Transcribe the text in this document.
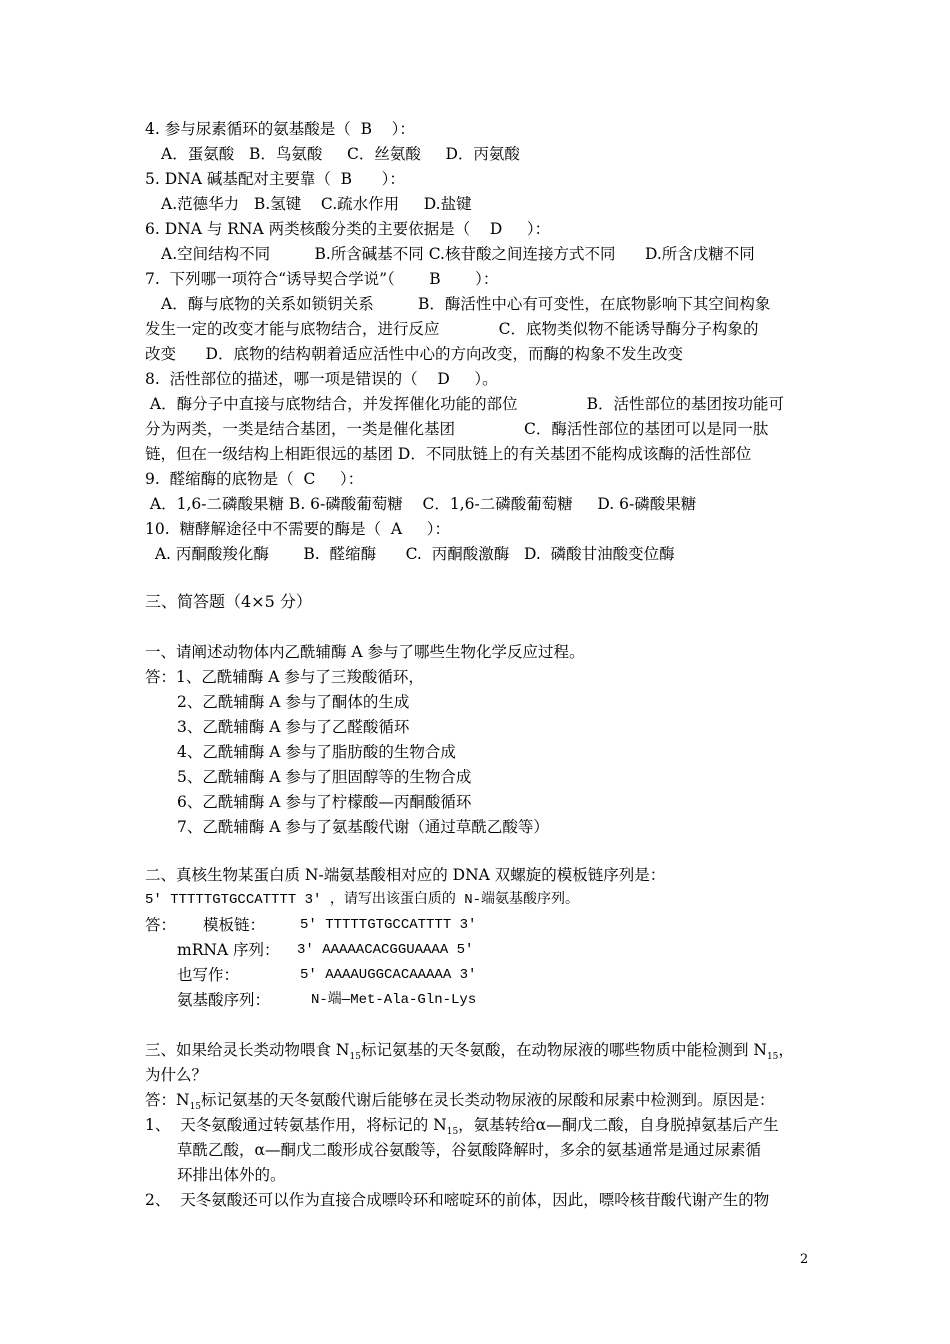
4. 参与尿素循环的氨基酸是（  B    ）：
A．蛋氨酸   B．鸟氨酸     C．丝氨酸     D．丙氨酸
5. DNA 碱基配对主要靠（  B      ）：
A.范德华力   B.氢键    C.疏水作用     D.盐键
6. DNA 与 RNA 两类核酸分类的主要依据是（    D     ）：
A.空间结构不同         B.所含碱基不同 C.核苷酸之间连接方式不同      D.所含戊糖不同
7.  下列哪一项符合“诱导契合学说”（       B       ）：
A．酶与底物的关系如锁钥关系         B．酶活性中心有可变性，在底物影响下其空间构象
发生一定的改变才能与底物结合，进行反应            C．底物类似物不能诱导酶分子构象的
改变      D．底物的结构朝着适应活性中心的方向改变，而酶的构象不发生改变
8.  活性部位的描述，哪一项是错误的（    D     ）。
A．酶分子中直接与底物结合，并发挥催化功能的部位              B．活性部位的基团按功能可
分为两类，一类是结合基团，一类是催化基团              C．酶活性部位的基团可以是同一肽
链，但在一级结构上相距很远的基团 D．不同肽链上的有关基团不能构成该酶的活性部位
9.  醛缩酶的底物是（  C     ）：
A．1,6-二磷酸果糖 B. 6-磷酸葡萄糖    C．1,6-二磷酸葡萄糖     D. 6-磷酸果糖
10.  糖酵解途径中不需要的酶是（  A     ）：
A. 丙酮酸羧化酶       B.  醛缩酶      C.  丙酮酸激酶   D.  磷酸甘油酸变位酶
三、简答题（4×5 分）
一、请阐述动物体内乙酰辅酶 A 参与了哪些生物化学反应过程。
答：1、乙酰辅酶 A 参与了三羧酸循环，
2、乙酰辅酶 A 参与了酮体的生成
3、乙酰辅酶 A 参与了乙醛酸循环
4、乙酰辅酶 A 参与了脂肪酸的生物合成
5、乙酰辅酶 A 参与了胆固醇等的生物合成
6、乙酰辅酶 A 参与了柠檬酸—丙酮酸循环
7、乙酰辅酶 A 参与了氨基酸代谢（通过草酰乙酸等）
二、真核生物某蛋白质 N-端氨基酸相对应的 DNA 双螺旋的模板链序列是：
5′ TTTTTGTGCCATTTT 3′ ，请写出该蛋白质的 N-端氨基酸序列。
答： 模板链： 5′ TTTTTGTGCCATTTT 3′
mRNA 序列： 3′ AAAAACACGGUAAAA 5′
也写作：	5′ AAAAUGGCACAAAAA 3′
氨基酸序列：	N-端—Met-Ala-Gln-Lys
三、如果给灵长类动物喂食 $N_{15}$标记氨基的天冬氨酸，在动物尿液的哪些物质中能检测到 $N_{15}$，
为什么？
答：$N_{15}$标记氨基的天冬氨酸代谢后能够在灵长类动物尿液的尿酸和尿素中检测到。原因是：
1、  天冬氨酸通过转氨基作用，将标记的 $N_{15}$，氨基转给α—酮戊二酸，自身脱掉氨基后产生
草酰乙酸，α—酮戊二酸形成谷氨酸等，谷氨酸降解时，多余的氨基通常是通过尿素循
环排出体外的。
2、  天冬氨酸还可以作为直接合成嘌呤环和嘧啶环的前体，因此，嘌呤核苷酸代谢产生的物
2
